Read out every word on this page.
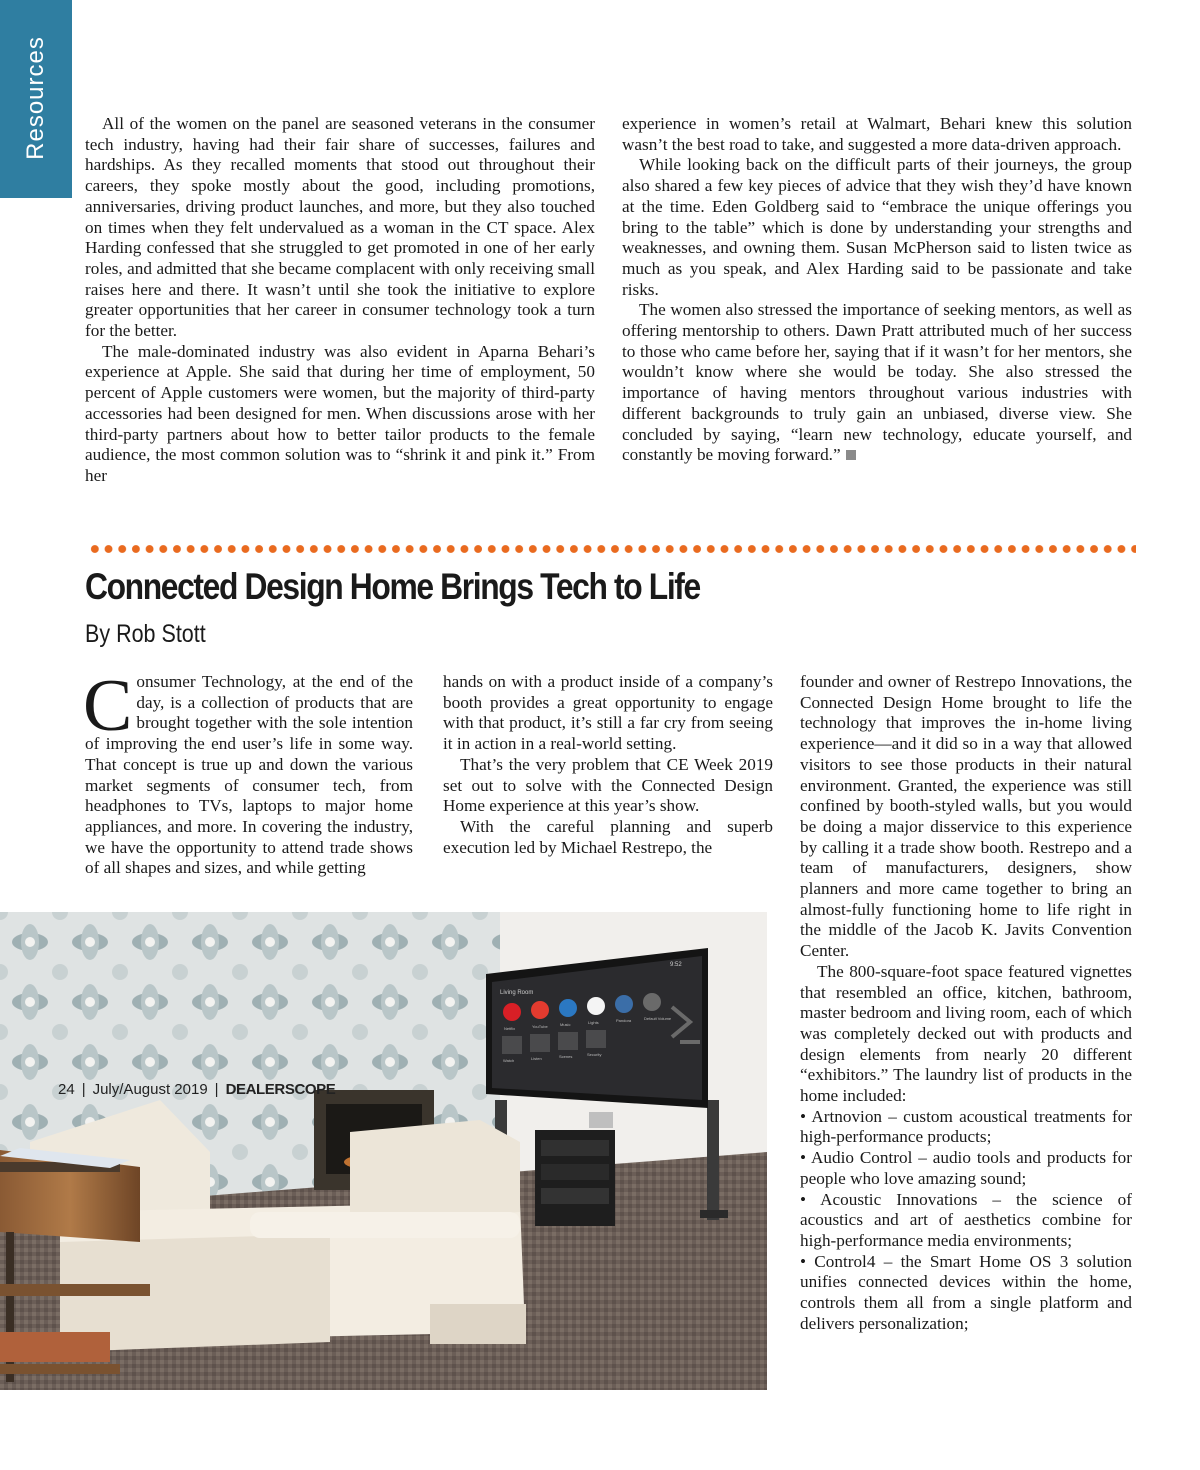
Resources	All of the women on the panel are seasoned veterans in the consumer tech industry, having had their fair share of successes, failures and hardships. As they recalled moments that stood out throughout their careers, they spoke mostly about the good, including promotions, anniversaries, driving product launches, and more, but they also touched on times when they felt undervalued as a woman in the CT space. Alex Harding confessed that she struggled to get promoted in one of her early roles, and admitted that she became complacent with only receiving small raises here and there. It wasn’t until she took the initiative to explore greater opportunities that her career in consumer technology took a turn for the better.

The male-dominated industry was also evident in Aparna Behari’s experience at Apple. She said that during her time of employment, 50 percent of Apple customers were women, but the majority of third-party accessories had been designed for men. When discussions arose with her third-party partners about how to better tailor products to the female audience, the most common solution was to “shrink it and pink it.” From her

experience in women’s retail at Walmart, Behari knew this solution wasn’t the best road to take, and suggested a more data-driven approach.

While looking back on the difficult parts of their journeys, the group also shared a few key pieces of advice that they wish they’d have known at the time. Eden Goldberg said to “embrace the unique offerings you bring to the table” which is done by understanding your strengths and weaknesses, and owning them. Susan McPherson said to listen twice as much as you speak, and Alex Harding said to be passionate and take risks.

The women also stressed the importance of seeking mentors, as well as offering mentorship to others. Dawn Pratt attributed much of her success to those who came before her, saying that if it wasn’t for her mentors, she wouldn’t know where she would be today. She also stressed the importance of having mentors throughout various industries with different backgrounds to truly gain an unbiased, diverse view. She concluded by saying, “learn new technology, educate yourself, and constantly be moving forward.”

Connected Design Home Brings Tech to Life
By Rob Stott

Consumer Technology, at the end of the day, is a collection of products that are brought together with the sole intention of improving the end user’s life in some way. That concept is true up and down the various market segments of consumer tech, from headphones to TVs, laptops to major home appliances, and more. In covering the industry, we have the opportunity to attend trade shows of all shapes and sizes, and while getting

hands on with a product inside of a company’s booth provides a great opportunity to engage with that product, it’s still a far cry from seeing it in action in a real-world setting.

That’s the very problem that CE Week 2019 set out to solve with the Connected Design Home experience at this year’s show.

With the careful planning and superb execution led by Michael Restrepo, the

founder and owner of Restrepo Innovations, the Connected Design Home brought to life the technology that improves the in-home living experience—and it did so in a way that allowed visitors to see those products in their natural environment. Granted, the experience was still confined by booth-styled walls, but you would be doing a major disservice to this experience by calling it a trade show booth. Restrepo and a team of manufacturers, designers, show planners and more came together to bring an almost-fully functioning home to life right in the middle of the Jacob K. Javits Convention Center.

The 800-square-foot space featured vignettes that resembled an office, kitchen, bathroom, master bedroom and living room, each of which was completely decked out with products and design elements from nearly 20 different “exhibitors.” The laundry list of products in the home included:

• Artnovion – custom acoustical treatments for high-performance products;
• Audio Control – audio tools and products for people who love amazing sound;
• Acoustic Innovations – the science of acoustics and art of aesthetics combine for high-performance media environments;
• Control4 – the Smart Home OS 3 solution unifies connected devices within the home, controls them all from a single platform and delivers personalization;
Living Room
9:52
Netflix	YouTube	Music	Lights	Pandora	Default Volume
Watch	Listen	Scenes	Security
24 | July/August 2019 | DEALERSCOPE
